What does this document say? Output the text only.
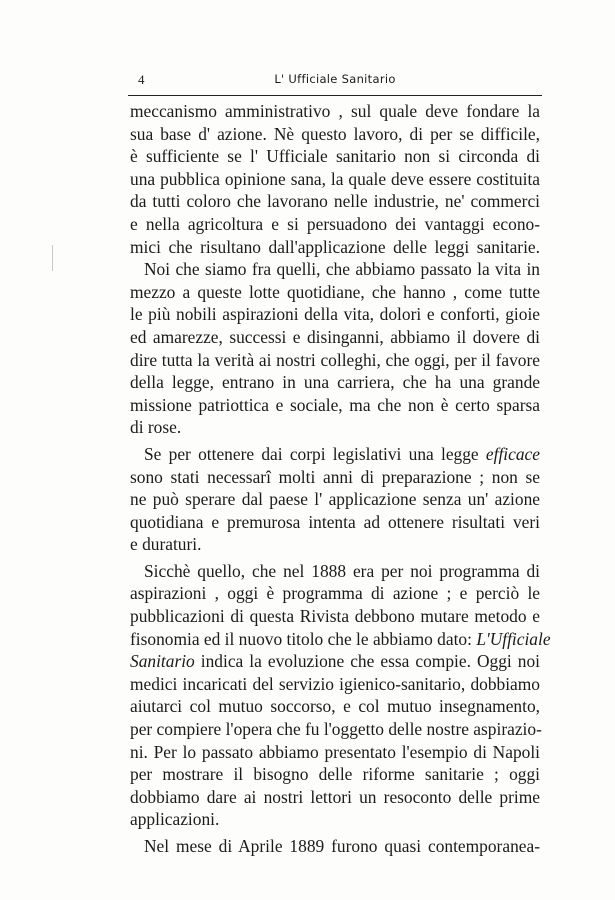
4	L' Ufficiale Sanitario
meccanismo amministrativo , sul quale deve fondare la
sua base d' azione. Nè questo lavoro, di per se difficile,
è sufficiente se l' Ufficiale sanitario non si circonda di
una pubblica opinione sana, la quale deve essere costituita
da tutti coloro che lavorano nelle industrie, ne' commerci
e nella agricoltura e si persuadono dei vantaggi econo-
mici che risultano dall'applicazione delle leggi sanitarie.
Noi che siamo fra quelli, che abbiamo passato la vita in
mezzo a queste lotte quotidiane, che hanno , come tutte
le più nobili aspirazioni della vita, dolori e conforti, gioie
ed amarezze, successi e disinganni, abbiamo il dovere di
dire tutta la verità ai nostri colleghi, che oggi, per il favore
della legge, entrano in una carriera, che ha una grande
missione patriottica e sociale, ma che non è certo sparsa
di rose.
Se per ottenere dai corpi legislativi una legge efficace
sono stati necessarî molti anni di preparazione ; non se
ne può sperare dal paese l' applicazione senza un' azione
quotidiana e premurosa intenta ad ottenere risultati veri
e duraturi.
Sicchè quello, che nel 1888 era per noi programma di
aspirazioni , oggi è programma di azione ; e perciò le
pubblicazioni di questa Rivista debbono mutare metodo e
fisonomia ed il nuovo titolo che le abbiamo dato: L'Ufficiale
Sanitario indica la evoluzione che essa compie. Oggi noi
medici incaricati del servizio igienico-sanitario, dobbiamo
aiutarci col mutuo soccorso, e col mutuo insegnamento,
per compiere l'opera che fu l'oggetto delle nostre aspirazio-
ni. Per lo passato abbiamo presentato l'esempio di Napoli
per mostrare il bisogno delle riforme sanitarie ; oggi
dobbiamo dare ai nostri lettori un resoconto delle prime
applicazioni.
Nel mese di Aprile 1889 furono quasi contemporanea-
